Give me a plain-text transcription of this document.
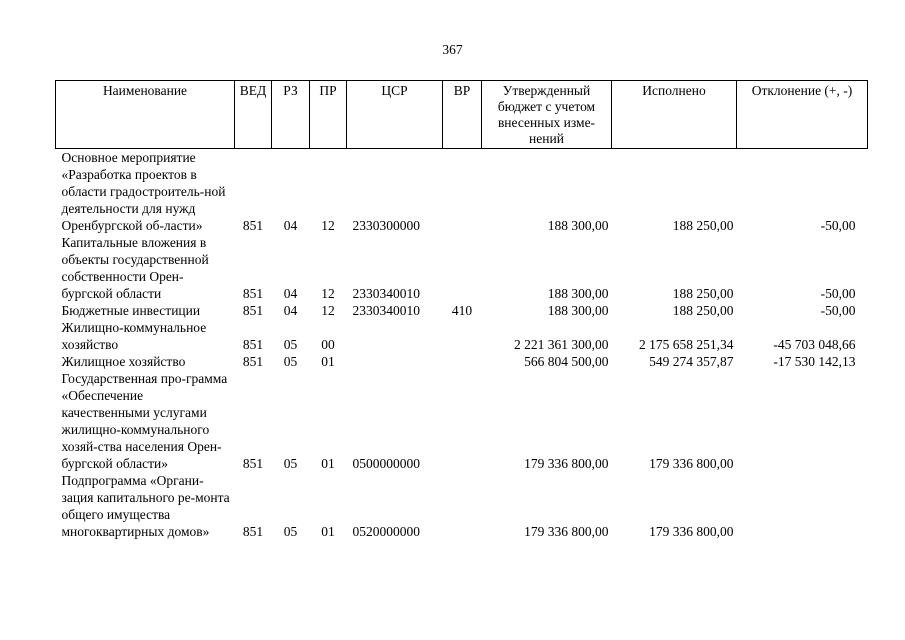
367
Наименование	ВЕД	РЗ	ПР	ЦСР	ВР	Утвержденный бюджет с учетом внесенных изме-нений	Исполнено	Отклонение (+, -)
Основное мероприятие «Разработка проектов в области градостроитель-ной деятельности для нужд Оренбургской об-ласти»	851	04	12	2330300000		188 300,00	188 250,00	-50,00
Капитальные вложения в объекты государственной собственности Орен-бургской области	851	04	12	2330340010		188 300,00	188 250,00	-50,00
Бюджетные инвестиции	851	04	12	2330340010	410	188 300,00	188 250,00	-50,00
Жилищно-коммунальное хозяйство	851	05	00			2 221 361 300,00	2 175 658 251,34	-45 703 048,66
Жилищное хозяйство	851	05	01			566 804 500,00	549 274 357,87	-17 530 142,13
Государственная про-грамма «Обеспечение качественными услугами жилищно-коммунального хозяй-ства населения Орен-бургской области»	851	05	01	0500000000		179 336 800,00	179 336 800,00	
Подпрограмма «Органи-зация капитального ре-монта общего имущества многоквартирных домов»	851	05	01	0520000000		179 336 800,00	179 336 800,00	
